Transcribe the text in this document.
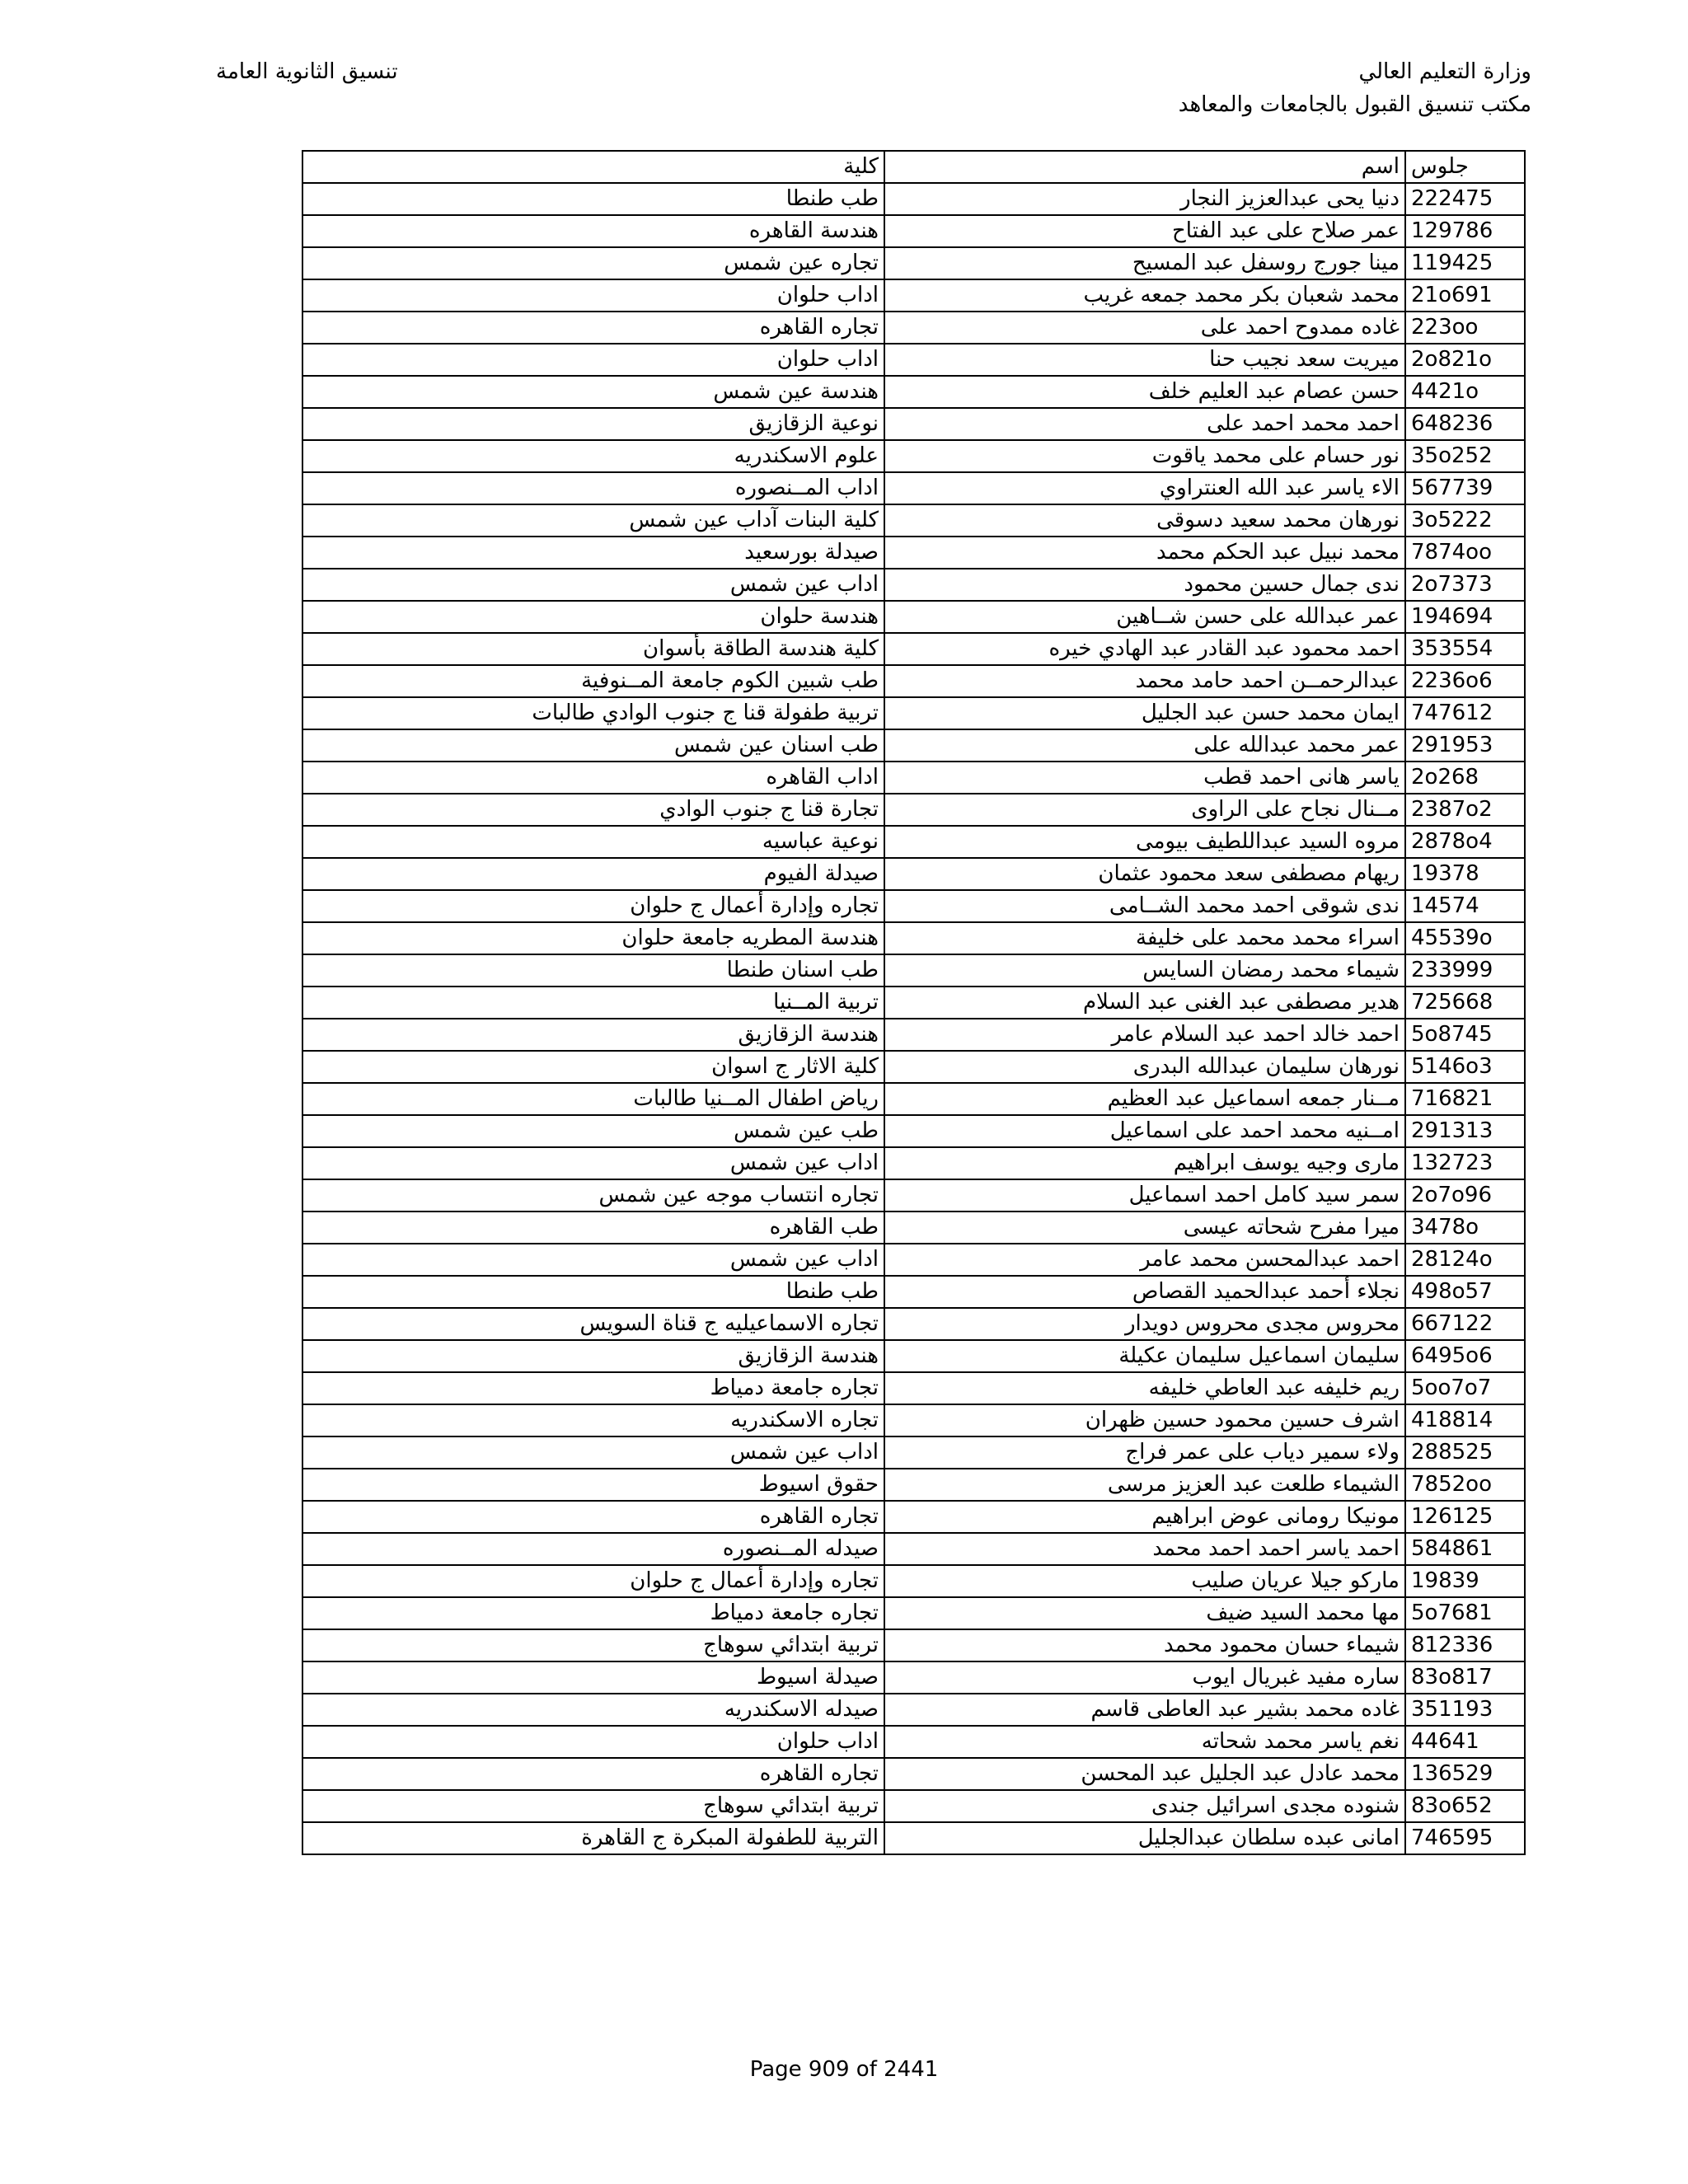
وزارة التعليم العالي
مكتب تنسيق القبول بالجامعات والمعاهد
تنسيق الثانوية العامة
كلية	اسم	جلوس
طب طنطا	دنيا يحى عبدالعزيز النجار	222475
هندسة القاهره	عمر صلاح على عبد الفتاح	129786
تجاره عين شمس	مينا جورج روسفل عبد المسيح	119425
اداب حلوان	محمد شعبان بكر محمد جمعه غريب	21o691
تجاره القاهره	غاده ممدوح احمد على	223oo
اداب حلوان	ميريت سعد نجيب حنا	2o821o
هندسة عين شمس	حسن عصام عبد العليم خلف	4421o
نوعية الزقازيق	احمد محمد احمد على	648236
علوم الاسكندريه	نور حسام على محمد ياقوت	35o252
اداب المــنصوره	الاء ياسر عبد الله العنتراوي	567739
كلية البنات آداب عين شمس	نورهان محمد سعيد دسوقى	3o5222
صيدلة بورسعيد	محمد نبيل عبد الحكم محمد	7874oo
اداب عين شمس	ندى جمال حسين محمود	2o7373
هندسة حلوان	عمر عبدالله على حسن شــاهين	194694
كلية هندسة الطاقة بأسوان	احمد محمود عبد القادر عبد الهادي خيره	353554
طب شبين الكوم جامعة المــنوفية	عبدالرحمــن احمد حامد محمد	2236o6
تربية طفولة قنا ج جنوب الوادي طالبات	ايمان محمد حسن عبد الجليل	747612
طب اسنان عين شمس	عمر محمد عبدالله على	291953
اداب القاهره	ياسر هانى احمد قطب	2o268
تجارة قنا ج جنوب الوادي	مــنال نجاح على الراوى	2387o2
نوعية عباسيه	مروه السيد عبداللطيف بيومى	2878o4
صيدلة الفيوم	ريهام مصطفى سعد محمود عثمان	19378
تجاره وإدارة أعمال ج حلوان	ندى شوقى احمد محمد الشــامى	14574
هندسة المطريه جامعة حلوان	اسراء محمد محمد على خليفة	45539o
طب اسنان طنطا	شيماء محمد رمضان السايس	233999
تربية المــنيا	هدير مصطفى عبد الغنى عبد السلام	725668
هندسة الزقازيق	احمد خالد احمد عبد السلام عامر	5o8745
كلية الاثار ج اسوان	نورهان سليمان عبدالله البدرى	5146o3
رياض اطفال المــنيا طالبات	مــنار جمعه اسماعيل عبد العظيم	716821
طب عين شمس	امــنيه محمد احمد على اسماعيل	291313
اداب عين شمس	مارى وجيه يوسف ابراهيم	132723
تجاره انتساب موجه عين شمس	سمر سيد كامل احمد اسماعيل	2o7o96
طب القاهره	ميرا مفرح شحاته عيسى	3478o
اداب عين شمس	احمد عبدالمحسن محمد عامر	28124o
طب طنطا	نجلاء أحمد عبدالحميد القصاص	498o57
تجاره الاسماعيليه ج قناة السويس	محروس مجدى محروس دويدار	667122
هندسة الزقازيق	سليمان اسماعيل سليمان عكيلة	6495o6
تجاره جامعة دمياط	ريم خليفه عبد العاطي خليفه	5oo7o7
تجاره الاسكندريه	اشرف حسين محمود حسين ظهران	418814
اداب عين شمس	ولاء سمير دياب على عمر فراج	288525
حقوق اسيوط	الشيماء طلعت عبد العزيز مرسى	7852oo
تجاره القاهره	مونيكا رومانى عوض ابراهيم	126125
صيدله المــنصوره	احمد ياسر احمد احمد محمد	584861
تجاره وإدارة أعمال ج حلوان	ماركو جيلا عريان صليب	19839
تجاره جامعة دمياط	مها محمد السيد ضيف	5o7681
تربية ابتدائي سوهاج	شيماء حسان محمود محمد	812336
صيدلة اسيوط	ساره مفيد غبريال ايوب	83o817
صيدله الاسكندريه	غاده محمد بشير عبد العاطى قاسم	351193
اداب حلوان	نغم ياسر محمد شحاته	44641
تجاره القاهره	محمد عادل عبد الجليل عبد المحسن	136529
تربية ابتدائي سوهاج	شنوده مجدى اسرائيل جندى	83o652
التربية للطفولة المبكرة ج القاهرة	امانى عبده سلطان عبدالجليل	746595
Page 909 of 2441
